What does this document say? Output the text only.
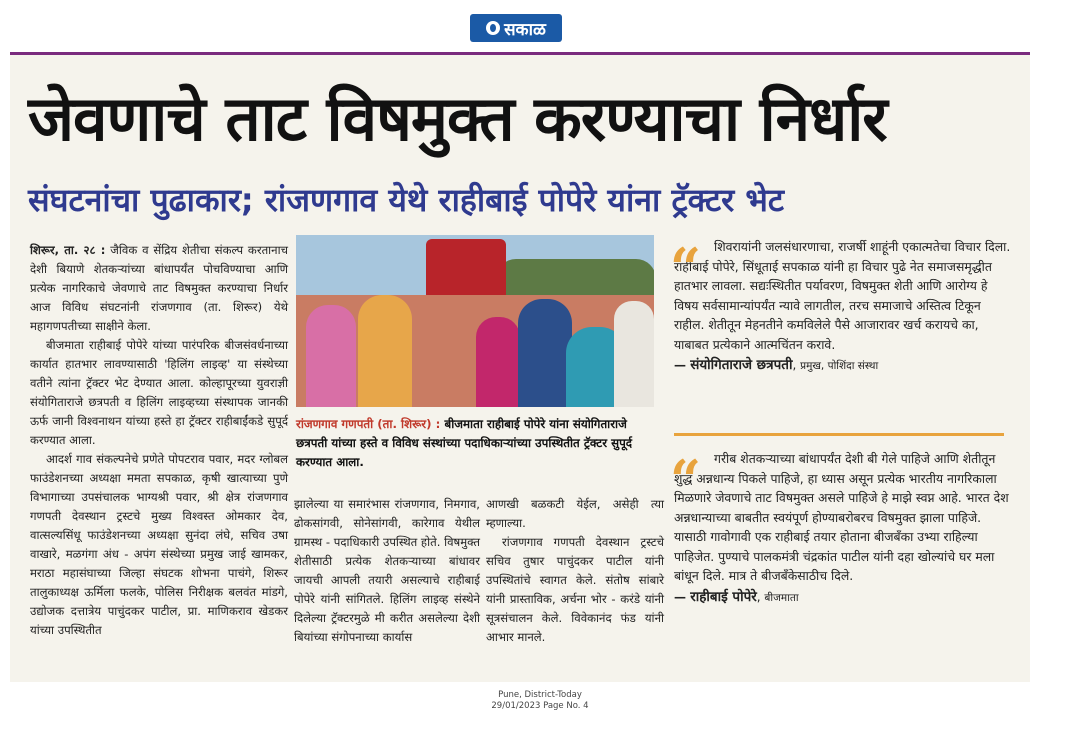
सकाळ
जेवणाचे ताट विषमुक्त करण्याचा निर्धार
संघटनांचा पुढाकार; रांजणगाव येथे राहीबाई पोपेरे यांना ट्रॅक्टर भेट

शिरूर, ता. २८ : जैविक व सेंद्रिय शेतीचा संकल्प करतानाच देशी बियाणे शेतकऱ्यांच्या बांधापर्यंत पोचविण्याचा आणि प्रत्येक नागरिकाचे जेवणाचे ताट विषमुक्त करण्याचा निर्धार आज विविध संघटनांनी रांजणगाव (ता. शिरूर) येथे महागणपतीच्या साक्षीने केला.

बीजमाता राहीबाई पोपेरे यांच्या पारंपरिक बीजसंवर्धनाच्या कार्यात हातभार लावण्यासाठी 'हिलिंग लाइव्ह' या संस्थेच्या वतीने त्यांना ट्रॅक्टर भेट देण्यात आला. कोल्हापूरच्या युवराज्ञी संयोगिताराजे छत्रपती व हिलिंग लाइव्हच्या संस्थापक जानकी ऊर्फ जानी विश्वनाथन यांच्या हस्ते हा ट्रॅक्टर राहीबाईंकडे सुपूर्द करण्यात आला.

आदर्श गाव संकल्पनेचे प्रणेते पोपटराव पवार, मदर ग्लोबल फाउंडेशनच्या अध्यक्षा ममता सपकाळ, कृषी खात्याच्या पुणे विभागाच्या उपसंचालक भाग्यश्री पवार, श्री क्षेत्र रांजणगाव गणपती देवस्थान ट्रस्टचे मुख्य विश्वस्त ओमकार देव, वात्सल्यसिंधू फाउंडेशनच्या अध्यक्षा सुनंदा लंघे, सचिव उषा वाखारे, मळगंगा अंध - अपंग संस्थेच्या प्रमुख जाई खामकर, मराठा महासंघाच्या जिल्हा संघटक शोभना पाचंगे, शिरूर तालुकाध्यक्ष ऊर्मिला फलके, पोलिस निरीक्षक बलवंत मांडगे, उद्योजक दत्तात्रेय पाचुंदकर पाटील, प्रा. माणिकराव खेडकर यांच्या उपस्थितीत

रांजणगाव गणपती (ता. शिरूर) : बीजमाता राहीबाई पोपेरे यांना संयोगिताराजे छत्रपती यांच्या हस्ते व विविध संस्थांच्या पदाधिकाऱ्यांच्या उपस्थितीत ट्रॅक्टर सुपूर्द करण्यात आला.

झालेल्या या समारंभास रांजणगाव, निमगाव, ढोकसांगवी, सोनेसांगवी, कारेगाव येथील ग्रामस्थ - पदाधिकारी उपस्थित होते. विषमुक्त शेतीसाठी प्रत्येक शेतकऱ्याच्या बांधावर जायची आपली तयारी असल्याचे राहीबाई पोपेरे यांनी सांगितले. हिलिंग लाइव्ह संस्थेने दिलेल्या ट्रॅक्टरमुळे मी करीत असलेल्या देशी बियांच्या संगोपनाच्या कार्यास

आणखी बळकटी येईल, असेही त्या म्हणाल्या.

रांजणगाव गणपती देवस्थान ट्रस्टचे सचिव तुषार पाचुंदकर पाटील यांनी उपस्थितांचे स्वागत केले. संतोष सांबारे यांनी प्रास्ताविक, अर्चना भोर - करंडे यांनी सूत्रसंचालन केले. विवेकानंद फंड यांनी आभार मानले.

“	शिवरायांनी जलसंधारणाचा, राजर्षी शाहूंनी एकात्मतेचा विचार दिला. राहीबाई पोपेरे, सिंधूताई सपकाळ यांनी हा विचार पुढे नेत समाजसमृद्धीत हातभार लावला. सद्यःस्थितीत पर्यावरण, विषमुक्त शेती आणि आरोग्य हे विषय सर्वसामान्यांपर्यंत न्यावे लागतील, तरच समाजाचे अस्तित्व टिकून राहील. शेतीतून मेहनतीने कमविलेले पैसे आजारावर खर्च करायचे का, याबाबत प्रत्येकाने आत्मचिंतन करावे.

— संयोगिताराजे छत्रपती, प्रमुख, पोशिंदा संस्था

“	गरीब शेतकऱ्याच्या बांधापर्यंत देशी बी गेले पाहिजे आणि शेतीतून शुद्ध अन्नधान्य पिकले पाहिजे, हा ध्यास असून प्रत्येक भारतीय नागरिकाला मिळणारे जेवणाचे ताट विषमुक्त असले पाहिजे हे माझे स्वप्न आहे. भारत देश अन्नधान्याच्या बाबतीत स्वयंपूर्ण होण्याबरोबरच विषमुक्त झाला पाहिजे. यासाठी गावोगावी एक राहीबाई तयार होताना बीजबँका उभ्या राहिल्या पाहिजेत. पुण्याचे पालकमंत्री चंद्रकांत पाटील यांनी दहा खोल्यांचे घर मला बांधून दिले. मात्र ते बीजबँकेसाठीच दिले.

— राहीबाई पोपेरे, बीजमाता

Pune, District-Today
29/01/2023 Page No. 4
